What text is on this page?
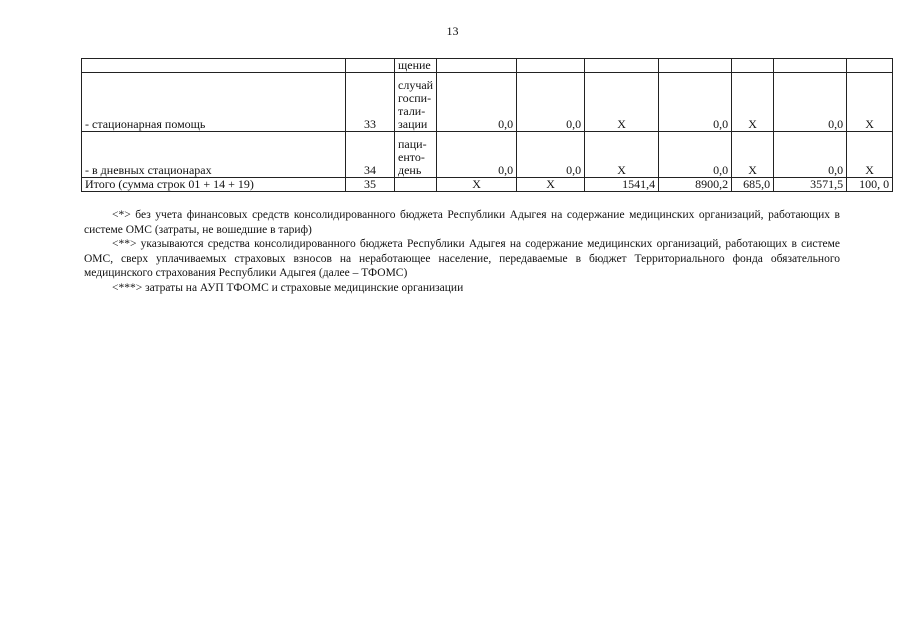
13

		щение							

- стационарная помощь	33	случай
госпи-
тали-
зации	0,0	0,0	Х	0,0	Х	0,0	Х
- в дневных стационарах	34	паци-
енто-
день	0,0	0,0	Х	0,0	Х	0,0	Х
Итого (сумма строк 01 + 14 + 19)	35		Х	Х	1541,4	8900,2	685,0	3571,5	100, 0

<*> без учета финансовых средств консолидированного бюджета Республики Адыгея на содержание медицинских организаций, работающих в системе ОМС (затраты, не вошедшие в тариф)

<**> указываются средства консолидированного бюджета Республики Адыгея на содержание медицинских организаций, работающих в системе ОМС, сверх уплачиваемых страховых взносов на неработающее население, передаваемые в бюджет Территориального фонда обязательного медицинского страхования Республики Адыгея (далее – ТФОМС)

<***> затраты на АУП ТФОМС и страховые медицинские организации
